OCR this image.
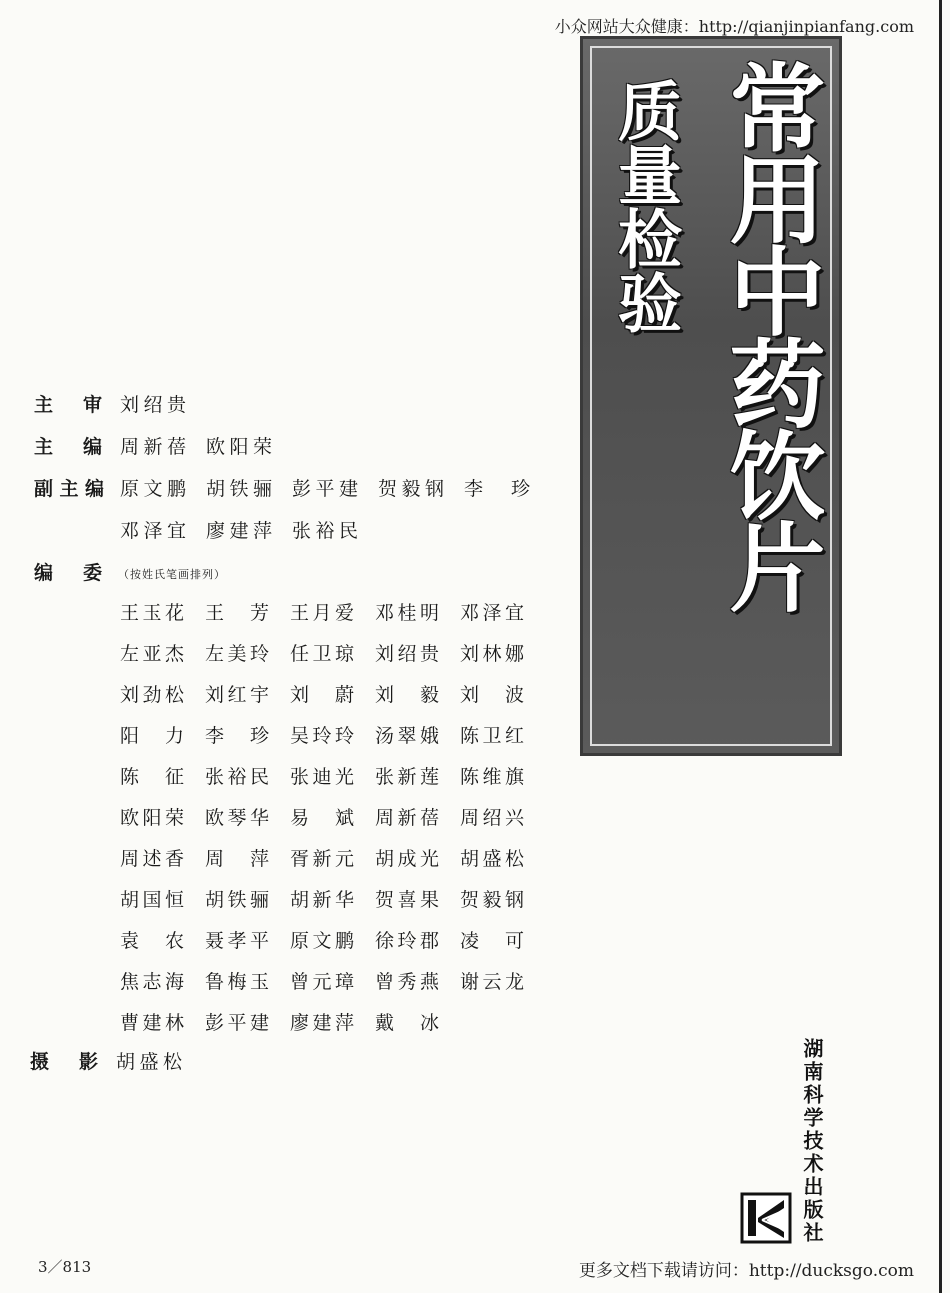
小众网站大众健康：http://qianjinpianfang.com
常用中药饮片
质量检验
主审 刘绍贵
主编 周新蓓 欧阳荣
副主编 原文鹏 胡铁骊 彭平建 贺毅钢 李珍
邓泽宜 廖建萍 张裕民
编委 （按姓氏笔画排列）
王玉花 王芳 王月爱 邓桂明 邓泽宜
左亚杰 左美玲 任卫琼 刘绍贵 刘林娜
刘劲松 刘红宇 刘蔚 刘毅 刘波
阳力 李珍 吴玲玲 汤翠娥 陈卫红
陈征 张裕民 张迪光 张新莲 陈维旗
欧阳荣 欧琴华 易斌 周新蓓 周绍兴
周述香 周萍 胥新元 胡成光 胡盛松
胡国恒 胡铁骊 胡新华 贺喜果 贺毅钢
袁农 聂孝平 原文鹏 徐玲郡 凌可
焦志海 鲁梅玉 曾元璋 曾秀燕 谢云龙
曹建林 彭平建 廖建萍 戴冰
摄影 胡盛松	湖南科学技术出版社
3／813	更多文档下载请访问：http://ducksgo.com
